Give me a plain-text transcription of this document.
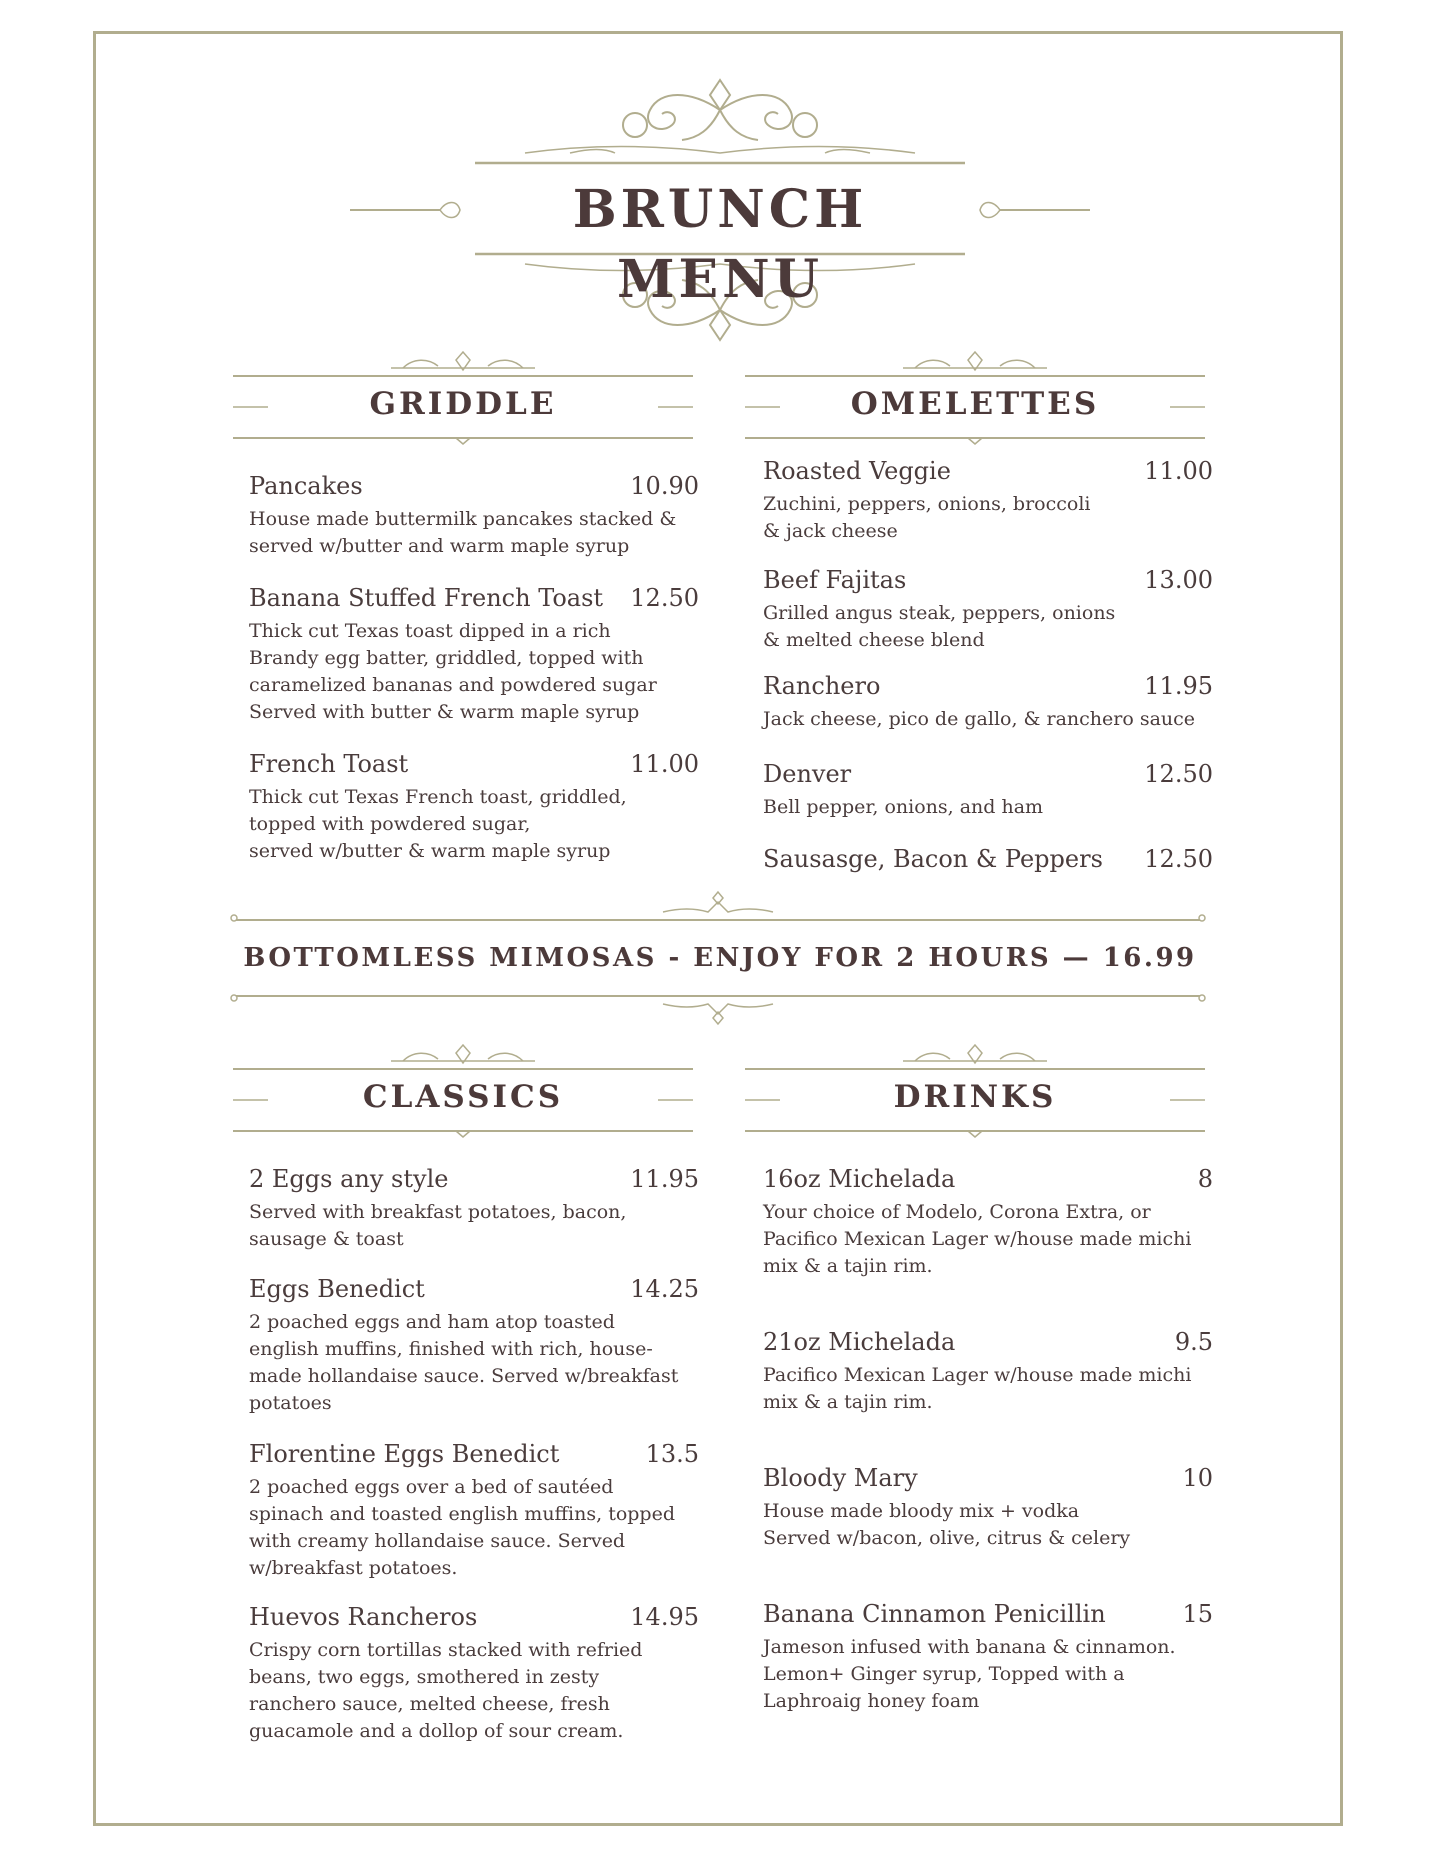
BRUNCH MENU
GRIDDLE	OMELETTES
Pancakes	10.90
House made buttermilk pancakes stacked &
served w/butter and warm maple syrup
Banana Stuffed French Toast 12.50
Thick cut Texas toast dipped in a rich
Brandy egg batter, griddled, topped with
caramelized bananas and powdered sugar
Served with butter & warm maple syrup
French Toast	11.00
Thick cut Texas French toast, griddled,
topped with powdered sugar,
served w/butter & warm maple syrup
Roasted Veggie	11.00
Zuchini, peppers, onions, broccoli
& jack cheese
Beef Fajitas	13.00
Grilled angus steak, peppers, onions
& melted cheese blend
Ranchero	11.95
Jack cheese, pico de gallo, & ranchero sauce
Denver	12.50
Bell pepper, onions, and ham
Sausasge, Bacon & Peppers 12.50
BOTTOMLESS MIMOSAS - ENJOY FOR 2 HOURS — 16.99
CLASSICS	DRINKS
2 Eggs any style	11.95
Served with breakfast potatoes, bacon,
sausage & toast
Eggs Benedict	14.25
2 poached eggs and ham atop toasted
english muffins, finished with rich, house-
made hollandaise sauce. Served w/breakfast
potatoes
Florentine Eggs Benedict	13.5
2 poached eggs over a bed of sautéed
spinach and toasted english muffins, topped
with creamy hollandaise sauce. Served
w/breakfast potatoes.
Huevos Rancheros	14.95
Crispy corn tortillas stacked with refried
beans, two eggs, smothered in zesty
ranchero sauce, melted cheese, fresh
guacamole and a dollop of sour cream.
16oz Michelada	8
Your choice of Modelo, Corona Extra, or
Pacifico Mexican Lager w/house made michi
mix & a tajin rim.
21oz Michelada	9.5
Pacifico Mexican Lager w/house made michi
mix & a tajin rim.
Bloody Mary	10
House made bloody mix + vodka
Served w/bacon, olive, citrus & celery
Banana Cinnamon Penicillin	15
Jameson infused with banana & cinnamon.
Lemon+ Ginger syrup, Topped with a
Laphroaig honey foam
